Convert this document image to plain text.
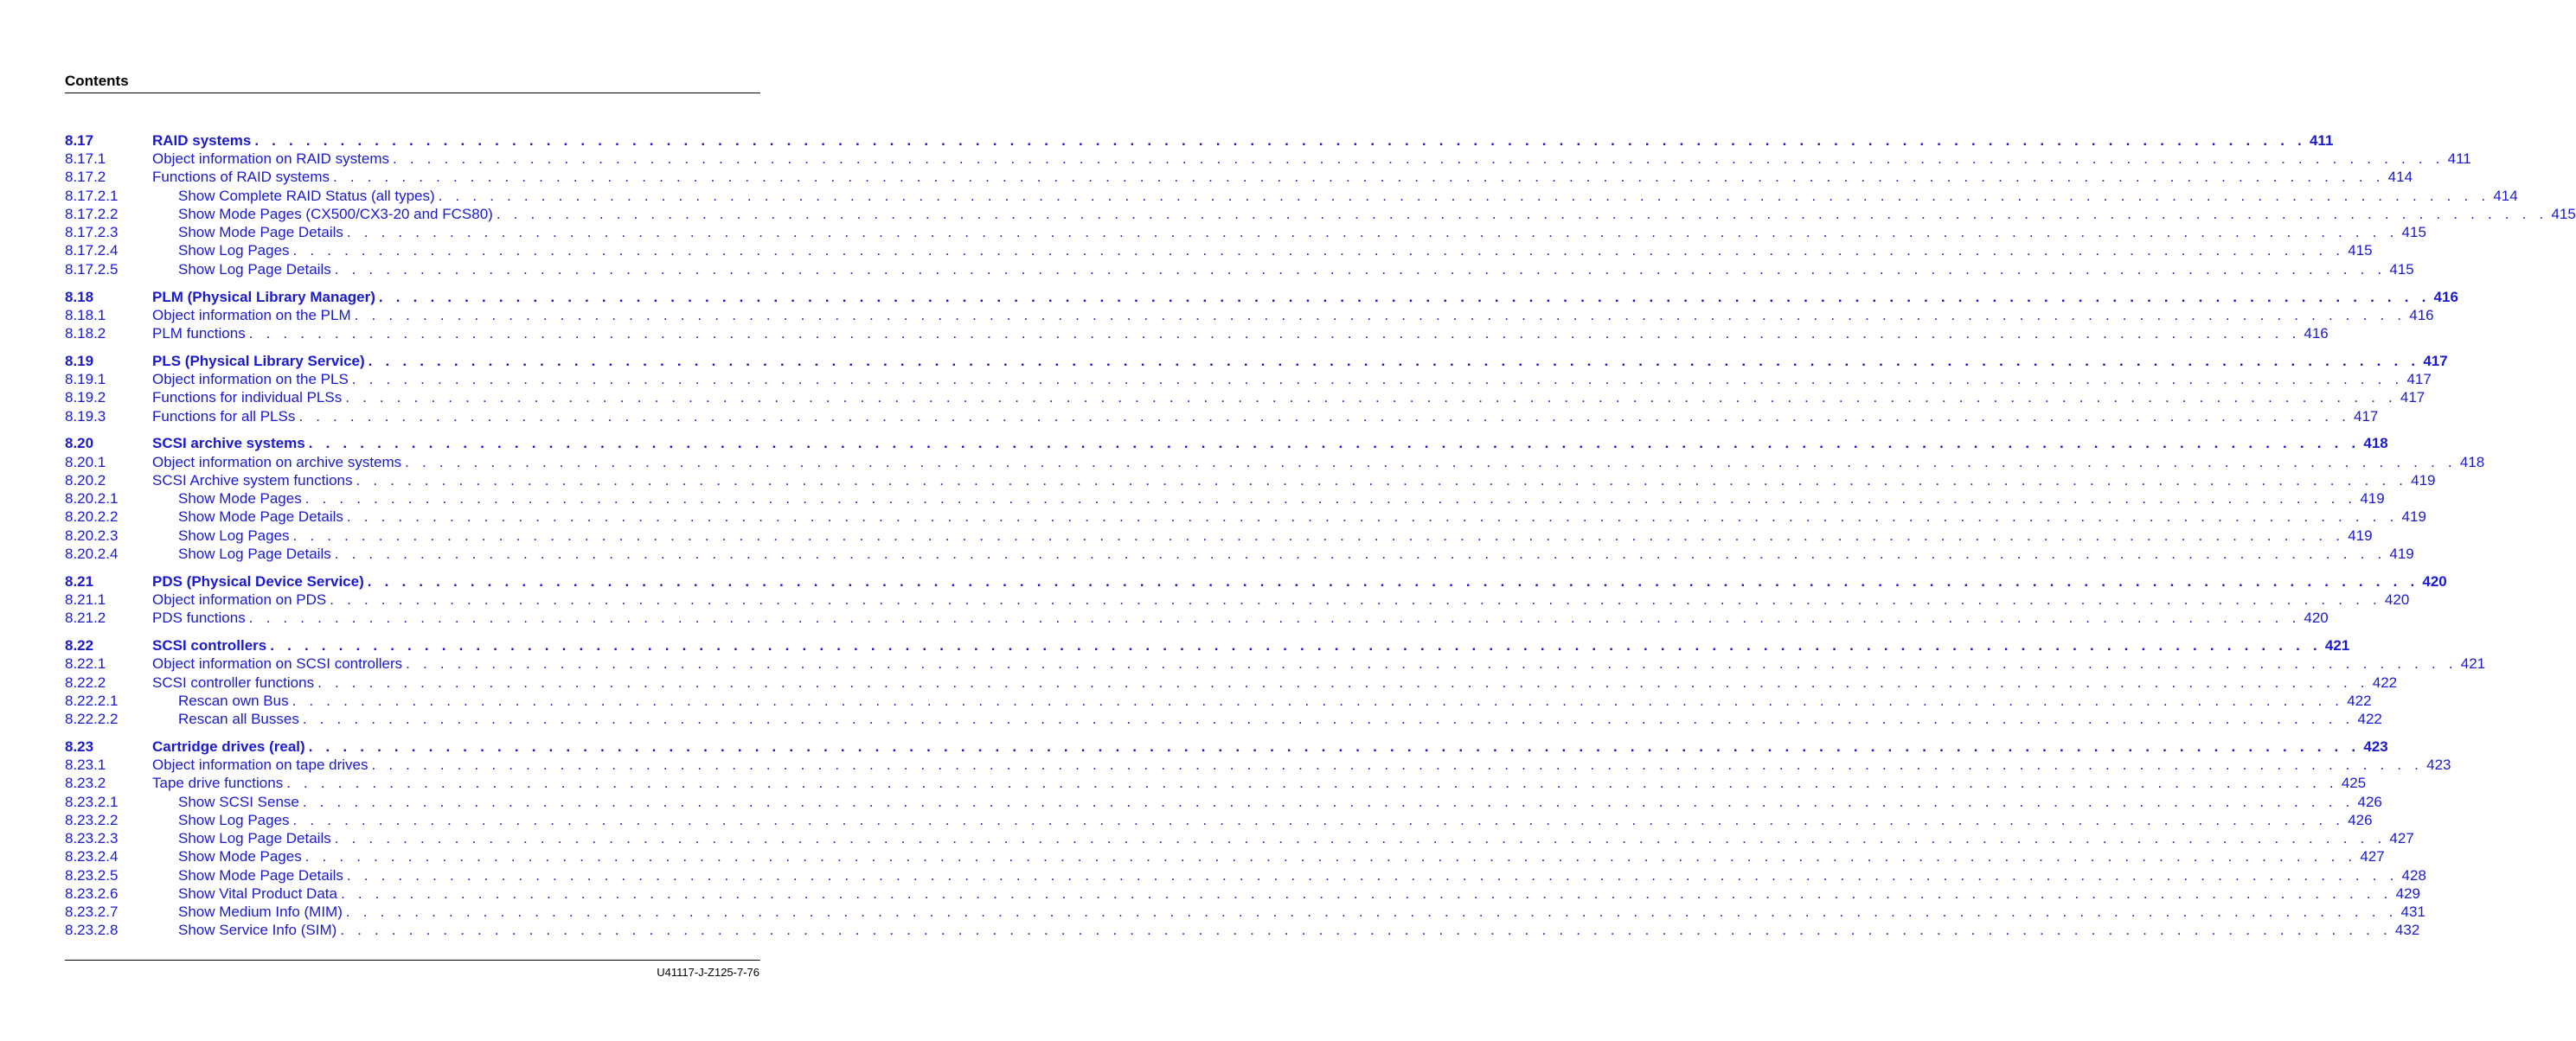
Contents
8.17	RAID systems . . . . . . . . . . . . . . . . . . . . . . . . . . . . . . . . . . . . . . . . . . . . . . . . . . . . . . . . . . . . . . . . . . . . . . . . . . . . . . . . . . . . . . . . . . . . . . . . . . . . . . . . . . . . . . . . . . . . . . . . 411
8.17.1	Object information on RAID systems . . . . . . . . . . . . . . . . . . . . . . . . . . . . . . . . . . . . . . . . . . . . . . . . . . . . . . . . . . . . . . . . . . . . . . . . . . . . . . . . . . . . . . . . . . . . . . . . . . . . . . . . . . . . . . . . . . . . . . . . 411
8.17.2	Functions of RAID systems . . . . . . . . . . . . . . . . . . . . . . . . . . . . . . . . . . . . . . . . . . . . . . . . . . . . . . . . . . . . . . . . . . . . . . . . . . . . . . . . . . . . . . . . . . . . . . . . . . . . . . . . . . . . . . . . . . . . . . . . 414
8.17.2.1	Show Complete RAID Status (all types) . . . . . . . . . . . . . . . . . . . . . . . . . . . . . . . . . . . . . . . . . . . . . . . . . . . . . . . . . . . . . . . . . . . . . . . . . . . . . . . . . . . . . . . . . . . . . . . . . . . . . . . . . . . . . . . . . . . . . . . . 414
8.17.2.2	Show Mode Pages (CX500/CX3-20 and FCS80) . . . . . . . . . . . . . . . . . . . . . . . . . . . . . . . . . . . . . . . . . . . . . . . . . . . . . . . . . . . . . . . . . . . . . . . . . . . . . . . . . . . . . . . . . . . . . . . . . . . . . . . . . . . . . . . . . . . . . . . . 415
8.17.2.3	Show Mode Page Details . . . . . . . . . . . . . . . . . . . . . . . . . . . . . . . . . . . . . . . . . . . . . . . . . . . . . . . . . . . . . . . . . . . . . . . . . . . . . . . . . . . . . . . . . . . . . . . . . . . . . . . . . . . . . . . . . . . . . . . . 415
8.17.2.4	Show Log Pages . . . . . . . . . . . . . . . . . . . . . . . . . . . . . . . . . . . . . . . . . . . . . . . . . . . . . . . . . . . . . . . . . . . . . . . . . . . . . . . . . . . . . . . . . . . . . . . . . . . . . . . . . . . . . . . . . . . . . . . . 415
8.17.2.5	Show Log Page Details . . . . . . . . . . . . . . . . . . . . . . . . . . . . . . . . . . . . . . . . . . . . . . . . . . . . . . . . . . . . . . . . . . . . . . . . . . . . . . . . . . . . . . . . . . . . . . . . . . . . . . . . . . . . . . . . . . . . . . . . 415
8.18	PLM (Physical Library Manager) . . . . . . . . . . . . . . . . . . . . . . . . . . . . . . . . . . . . . . . . . . . . . . . . . . . . . . . . . . . . . . . . . . . . . . . . . . . . . . . . . . . . . . . . . . . . . . . . . . . . . . . . . . . . . . . . . . . . . . . . 416
8.18.1	Object information on the PLM . . . . . . . . . . . . . . . . . . . . . . . . . . . . . . . . . . . . . . . . . . . . . . . . . . . . . . . . . . . . . . . . . . . . . . . . . . . . . . . . . . . . . . . . . . . . . . . . . . . . . . . . . . . . . . . . . . . . . . . . 416
8.18.2	PLM functions . . . . . . . . . . . . . . . . . . . . . . . . . . . . . . . . . . . . . . . . . . . . . . . . . . . . . . . . . . . . . . . . . . . . . . . . . . . . . . . . . . . . . . . . . . . . . . . . . . . . . . . . . . . . . . . . . . . . . . . . 416
8.19	PLS (Physical Library Service) . . . . . . . . . . . . . . . . . . . . . . . . . . . . . . . . . . . . . . . . . . . . . . . . . . . . . . . . . . . . . . . . . . . . . . . . . . . . . . . . . . . . . . . . . . . . . . . . . . . . . . . . . . . . . . . . . . . . . . . . 417
8.19.1	Object information on the PLS . . . . . . . . . . . . . . . . . . . . . . . . . . . . . . . . . . . . . . . . . . . . . . . . . . . . . . . . . . . . . . . . . . . . . . . . . . . . . . . . . . . . . . . . . . . . . . . . . . . . . . . . . . . . . . . . . . . . . . . . 417
8.19.2	Functions for individual PLSs . . . . . . . . . . . . . . . . . . . . . . . . . . . . . . . . . . . . . . . . . . . . . . . . . . . . . . . . . . . . . . . . . . . . . . . . . . . . . . . . . . . . . . . . . . . . . . . . . . . . . . . . . . . . . . . . . . . . . . . . 417
8.19.3	Functions for all PLSs . . . . . . . . . . . . . . . . . . . . . . . . . . . . . . . . . . . . . . . . . . . . . . . . . . . . . . . . . . . . . . . . . . . . . . . . . . . . . . . . . . . . . . . . . . . . . . . . . . . . . . . . . . . . . . . . . . . . . . . . 417
8.20	SCSI archive systems . . . . . . . . . . . . . . . . . . . . . . . . . . . . . . . . . . . . . . . . . . . . . . . . . . . . . . . . . . . . . . . . . . . . . . . . . . . . . . . . . . . . . . . . . . . . . . . . . . . . . . . . . . . . . . . . . . . . . . . . 418
8.20.1	Object information on archive systems . . . . . . . . . . . . . . . . . . . . . . . . . . . . . . . . . . . . . . . . . . . . . . . . . . . . . . . . . . . . . . . . . . . . . . . . . . . . . . . . . . . . . . . . . . . . . . . . . . . . . . . . . . . . . . . . . . . . . . . . 418
8.20.2	SCSI Archive system functions . . . . . . . . . . . . . . . . . . . . . . . . . . . . . . . . . . . . . . . . . . . . . . . . . . . . . . . . . . . . . . . . . . . . . . . . . . . . . . . . . . . . . . . . . . . . . . . . . . . . . . . . . . . . . . . . . . . . . . . . 419
8.20.2.1	Show Mode Pages . . . . . . . . . . . . . . . . . . . . . . . . . . . . . . . . . . . . . . . . . . . . . . . . . . . . . . . . . . . . . . . . . . . . . . . . . . . . . . . . . . . . . . . . . . . . . . . . . . . . . . . . . . . . . . . . . . . . . . . . 419
8.20.2.2	Show Mode Page Details . . . . . . . . . . . . . . . . . . . . . . . . . . . . . . . . . . . . . . . . . . . . . . . . . . . . . . . . . . . . . . . . . . . . . . . . . . . . . . . . . . . . . . . . . . . . . . . . . . . . . . . . . . . . . . . . . . . . . . . . 419
8.20.2.3	Show Log Pages . . . . . . . . . . . . . . . . . . . . . . . . . . . . . . . . . . . . . . . . . . . . . . . . . . . . . . . . . . . . . . . . . . . . . . . . . . . . . . . . . . . . . . . . . . . . . . . . . . . . . . . . . . . . . . . . . . . . . . . . 419
8.20.2.4	Show Log Page Details . . . . . . . . . . . . . . . . . . . . . . . . . . . . . . . . . . . . . . . . . . . . . . . . . . . . . . . . . . . . . . . . . . . . . . . . . . . . . . . . . . . . . . . . . . . . . . . . . . . . . . . . . . . . . . . . . . . . . . . . 419
8.21	PDS (Physical Device Service) . . . . . . . . . . . . . . . . . . . . . . . . . . . . . . . . . . . . . . . . . . . . . . . . . . . . . . . . . . . . . . . . . . . . . . . . . . . . . . . . . . . . . . . . . . . . . . . . . . . . . . . . . . . . . . . . . . . . . . . . 420
8.21.1	Object information on PDS . . . . . . . . . . . . . . . . . . . . . . . . . . . . . . . . . . . . . . . . . . . . . . . . . . . . . . . . . . . . . . . . . . . . . . . . . . . . . . . . . . . . . . . . . . . . . . . . . . . . . . . . . . . . . . . . . . . . . . . . 420
8.21.2	PDS functions . . . . . . . . . . . . . . . . . . . . . . . . . . . . . . . . . . . . . . . . . . . . . . . . . . . . . . . . . . . . . . . . . . . . . . . . . . . . . . . . . . . . . . . . . . . . . . . . . . . . . . . . . . . . . . . . . . . . . . . . 420
8.22	SCSI controllers . . . . . . . . . . . . . . . . . . . . . . . . . . . . . . . . . . . . . . . . . . . . . . . . . . . . . . . . . . . . . . . . . . . . . . . . . . . . . . . . . . . . . . . . . . . . . . . . . . . . . . . . . . . . . . . . . . . . . . . . 421
8.22.1	Object information on SCSI controllers . . . . . . . . . . . . . . . . . . . . . . . . . . . . . . . . . . . . . . . . . . . . . . . . . . . . . . . . . . . . . . . . . . . . . . . . . . . . . . . . . . . . . . . . . . . . . . . . . . . . . . . . . . . . . . . . . . . . . . . . 421
8.22.2	SCSI controller functions . . . . . . . . . . . . . . . . . . . . . . . . . . . . . . . . . . . . . . . . . . . . . . . . . . . . . . . . . . . . . . . . . . . . . . . . . . . . . . . . . . . . . . . . . . . . . . . . . . . . . . . . . . . . . . . . . . . . . . . . 422
8.22.2.1	Rescan own Bus . . . . . . . . . . . . . . . . . . . . . . . . . . . . . . . . . . . . . . . . . . . . . . . . . . . . . . . . . . . . . . . . . . . . . . . . . . . . . . . . . . . . . . . . . . . . . . . . . . . . . . . . . . . . . . . . . . . . . . . . 422
8.22.2.2	Rescan all Busses . . . . . . . . . . . . . . . . . . . . . . . . . . . . . . . . . . . . . . . . . . . . . . . . . . . . . . . . . . . . . . . . . . . . . . . . . . . . . . . . . . . . . . . . . . . . . . . . . . . . . . . . . . . . . . . . . . . . . . . . 422
8.23	Cartridge drives (real) . . . . . . . . . . . . . . . . . . . . . . . . . . . . . . . . . . . . . . . . . . . . . . . . . . . . . . . . . . . . . . . . . . . . . . . . . . . . . . . . . . . . . . . . . . . . . . . . . . . . . . . . . . . . . . . . . . . . . . . . 423
8.23.1	Object information on tape drives . . . . . . . . . . . . . . . . . . . . . . . . . . . . . . . . . . . . . . . . . . . . . . . . . . . . . . . . . . . . . . . . . . . . . . . . . . . . . . . . . . . . . . . . . . . . . . . . . . . . . . . . . . . . . . . . . . . . . . . . 423
8.23.2	Tape drive functions . . . . . . . . . . . . . . . . . . . . . . . . . . . . . . . . . . . . . . . . . . . . . . . . . . . . . . . . . . . . . . . . . . . . . . . . . . . . . . . . . . . . . . . . . . . . . . . . . . . . . . . . . . . . . . . . . . . . . . . . 425
8.23.2.1	Show SCSI Sense . . . . . . . . . . . . . . . . . . . . . . . . . . . . . . . . . . . . . . . . . . . . . . . . . . . . . . . . . . . . . . . . . . . . . . . . . . . . . . . . . . . . . . . . . . . . . . . . . . . . . . . . . . . . . . . . . . . . . . . . 426
8.23.2.2	Show Log Pages . . . . . . . . . . . . . . . . . . . . . . . . . . . . . . . . . . . . . . . . . . . . . . . . . . . . . . . . . . . . . . . . . . . . . . . . . . . . . . . . . . . . . . . . . . . . . . . . . . . . . . . . . . . . . . . . . . . . . . . . 426
8.23.2.3	Show Log Page Details . . . . . . . . . . . . . . . . . . . . . . . . . . . . . . . . . . . . . . . . . . . . . . . . . . . . . . . . . . . . . . . . . . . . . . . . . . . . . . . . . . . . . . . . . . . . . . . . . . . . . . . . . . . . . . . . . . . . . . . . 427
8.23.2.4	Show Mode Pages . . . . . . . . . . . . . . . . . . . . . . . . . . . . . . . . . . . . . . . . . . . . . . . . . . . . . . . . . . . . . . . . . . . . . . . . . . . . . . . . . . . . . . . . . . . . . . . . . . . . . . . . . . . . . . . . . . . . . . . . 427
8.23.2.5	Show Mode Page Details . . . . . . . . . . . . . . . . . . . . . . . . . . . . . . . . . . . . . . . . . . . . . . . . . . . . . . . . . . . . . . . . . . . . . . . . . . . . . . . . . . . . . . . . . . . . . . . . . . . . . . . . . . . . . . . . . . . . . . . . 428
8.23.2.6	Show Vital Product Data . . . . . . . . . . . . . . . . . . . . . . . . . . . . . . . . . . . . . . . . . . . . . . . . . . . . . . . . . . . . . . . . . . . . . . . . . . . . . . . . . . . . . . . . . . . . . . . . . . . . . . . . . . . . . . . . . . . . . . . . 429
8.23.2.7	Show Medium Info (MIM) . . . . . . . . . . . . . . . . . . . . . . . . . . . . . . . . . . . . . . . . . . . . . . . . . . . . . . . . . . . . . . . . . . . . . . . . . . . . . . . . . . . . . . . . . . . . . . . . . . . . . . . . . . . . . . . . . . . . . . . . 431
8.23.2.8	Show Service Info (SIM) . . . . . . . . . . . . . . . . . . . . . . . . . . . . . . . . . . . . . . . . . . . . . . . . . . . . . . . . . . . . . . . . . . . . . . . . . . . . . . . . . . . . . . . . . . . . . . . . . . . . . . . . . . . . . . . . . . . . . . . . 432
U41117-J-Z125-7-76
